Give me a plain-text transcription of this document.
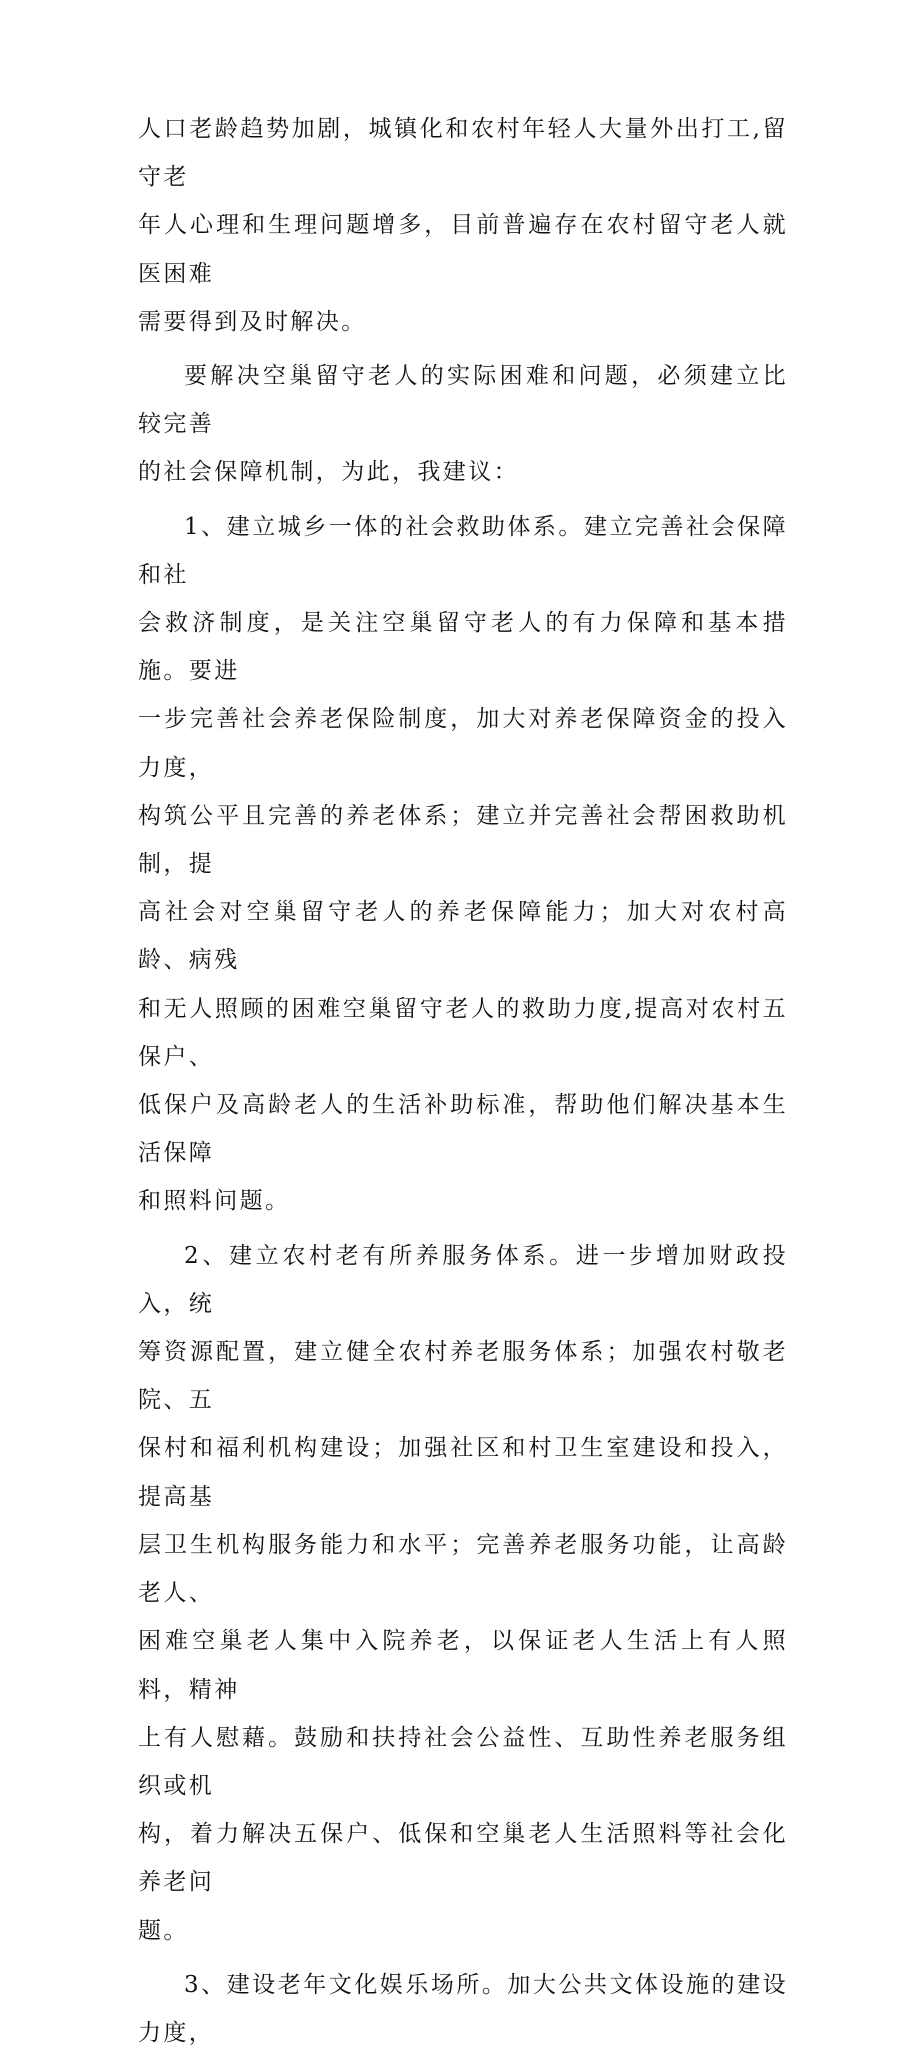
人口老龄趋势加剧，城镇化和农村年轻人大量外出打工,留守老
年人心理和生理问题增多，目前普遍存在农村留守老人就医困难
需要得到及时解决。

要解决空巢留守老人的实际困难和问题，必须建立比较完善
的社会保障机制，为此，我建议：

1、建立城乡一体的社会救助体系。建立完善社会保障和社
会救济制度，是关注空巢留守老人的有力保障和基本措施。要进
一步完善社会养老保险制度，加大对养老保障资金的投入力度，
构筑公平且完善的养老体系；建立并完善社会帮困救助机制，提
高社会对空巢留守老人的养老保障能力；加大对农村高龄、病残
和无人照顾的困难空巢留守老人的救助力度,提高对农村五保户、
低保户及高龄老人的生活补助标准，帮助他们解决基本生活保障
和照料问题。

2、建立农村老有所养服务体系。进一步增加财政投入，统
筹资源配置，建立健全农村养老服务体系；加强农村敬老院、五
保村和福利机构建设；加强社区和村卫生室建设和投入，提高基
层卫生机构服务能力和水平；完善养老服务功能，让高龄老人、
困难空巢老人集中入院养老，以保证老人生活上有人照料，精神
上有人慰藉。鼓励和扶持社会公益性、互助性养老服务组织或机
构，着力解决五保户、低保和空巢老人生活照料等社会化养老问
题。

3、建设老年文化娱乐场所。加大公共文体设施的建设力度，
